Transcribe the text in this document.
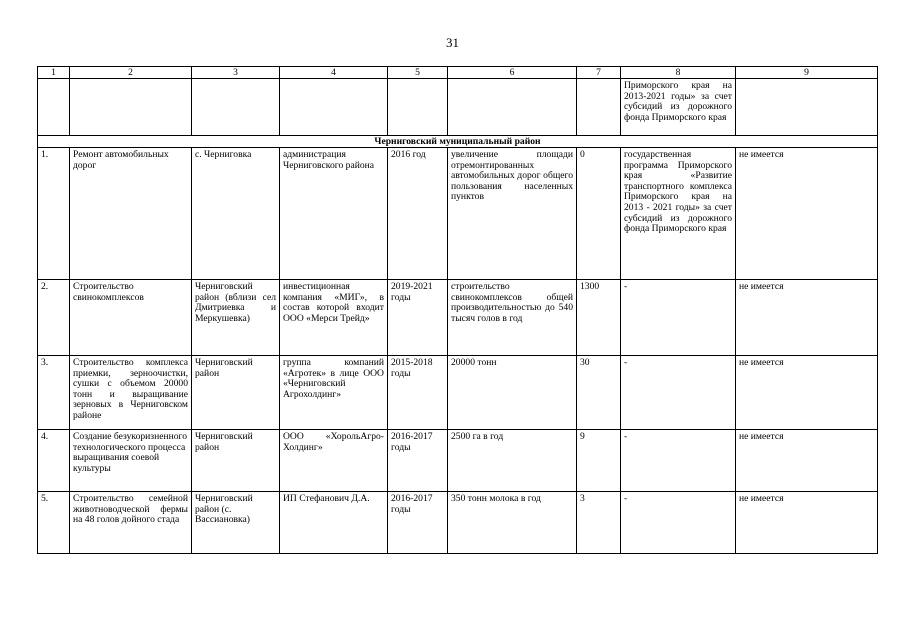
31
1	2	3	4	5	6	7	8	9
							Приморского края на 2013-2021 годы» за счет субсидий из дорожного фонда Приморского края	
Черниговский муниципальный район								
1.	Ремонт автомобильных дорог	с. Черниговка	администрация Черниговского района	2016 год	увеличение площади отремонтированных автомобильных дорог общего пользования населенных пунктов	0	государственная программа Приморского края «Развитие транспортного комплекса Приморского края на 2013 - 2021 годы» за счет субсидий из дорожного фонда Приморского края	не имеется
2.	Строительство свинокомплексов	Черниговский район (вблизи сел Дмитриевка и Меркушевка)	инвестиционная компания «МИГ», в состав которой входит ООО «Мерси Трейд»	2019-2021 годы	строительство свинокомплексов общей производительностью до 540 тысяч голов в год	1300	-	не имеется
3.	Строительство комплекса приемки, зерноочистки, сушки с объемом 20000 тонн и выращивание зерновых в Черниговском районе	Черниговский район	группа компаний «Агротек» в лице ООО «Черниговский Агрохолдинг»	2015-2018 годы	20000 тонн	30	-	не имеется
4.	Создание безукоризненного технологического процесса выращивания соевой культуры	Черниговский район	ООО «ХорольАгро-Холдинг»	2016-2017 годы	2500 га в год	9	-	не имеется
5.	Строительство семейной животноводческой фермы на 48 голов дойного стада	Черниговский район (с. Вассиановка)	ИП Стефанович Д.А.	2016-2017 годы	350 тонн молока в год	3	-	не имеется
